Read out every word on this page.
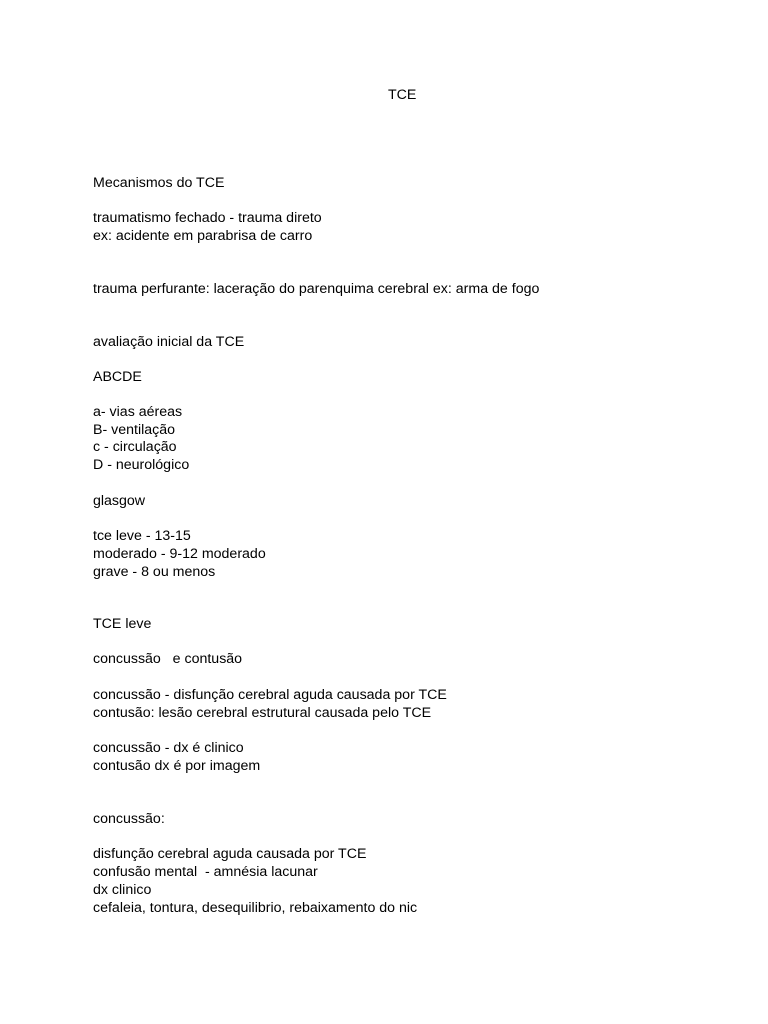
TCE

Mecanismos do TCE

traumatismo fechado - trauma direto

ex: acidente em parabrisa de carro

trauma perfurante: laceração do parenquima cerebral ex: arma de fogo

avaliação inicial da TCE

ABCDE

a- vias aéreas

B- ventilação

c - circulação

D - neurológico

glasgow

tce leve - 13-15

moderado - 9-12 moderado

grave - 8 ou menos

TCE leve

concussão   e contusão

concussão - disfunção cerebral aguda causada por TCE

contusão: lesão cerebral estrutural causada pelo TCE

concussão - dx é clinico

contusão dx é por imagem

concussão:

disfunção cerebral aguda causada por TCE

confusão mental  - amnésia lacunar

dx clinico

cefaleia, tontura, desequilibrio, rebaixamento do nic
